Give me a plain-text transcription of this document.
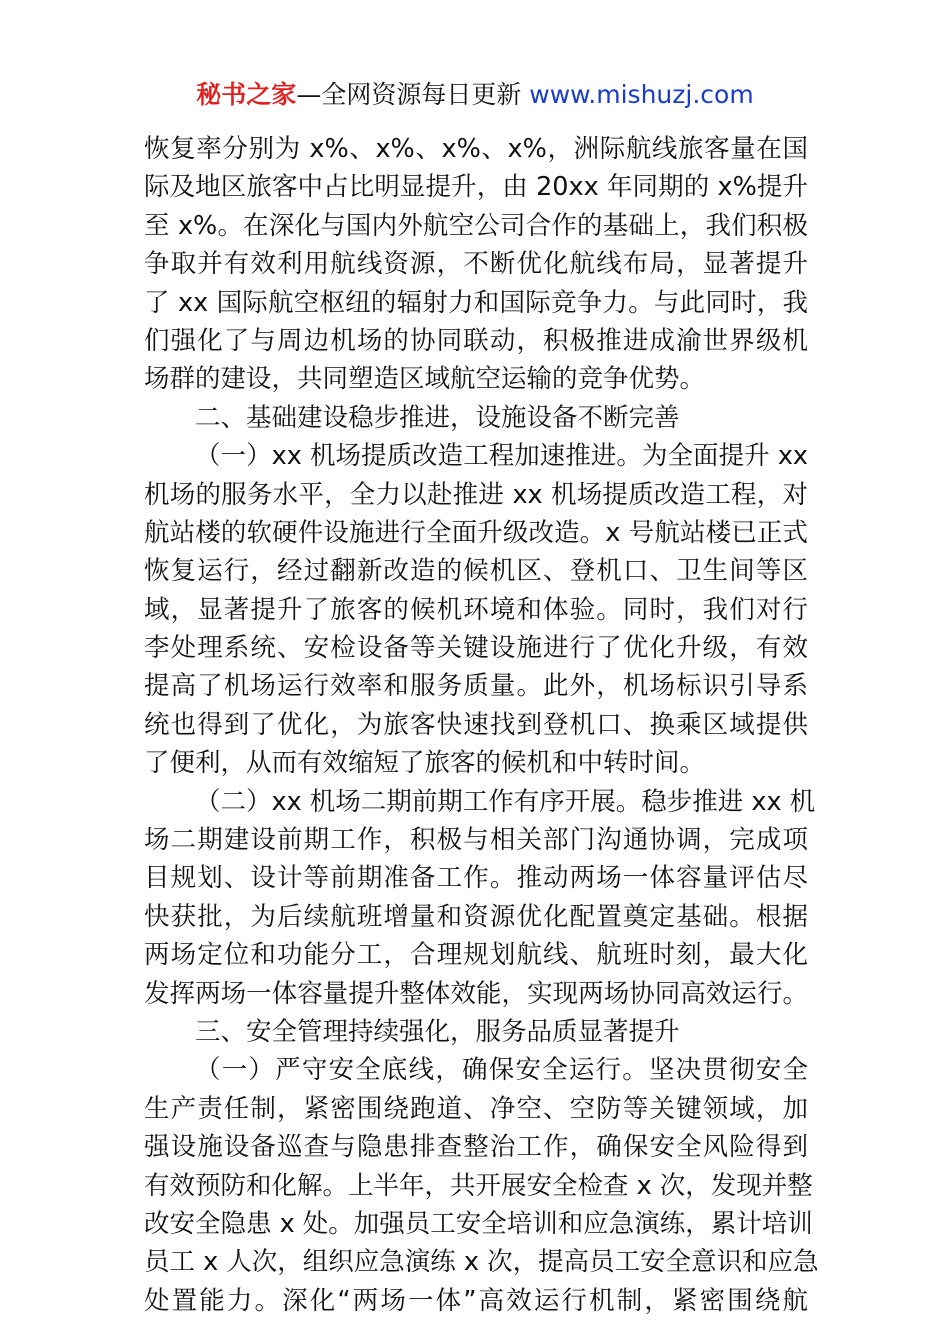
秘书之家—全网资源每日更新 www.mishuzj.com
恢复率分别为 x%、x%、x%、x%，洲际航线旅客量在国
际及地区旅客中占比明显提升，由 20xx 年同期的 x%提升
至 x%。在深化与国内外航空公司合作的基础上，我们积极
争取并有效利用航线资源，不断优化航线布局，显著提升
了 xx 国际航空枢纽的辐射力和国际竞争力。与此同时，我
们强化了与周边机场的协同联动，积极推进成渝世界级机
场群的建设，共同塑造区域航空运输的竞争优势。
二、基础建设稳步推进，设施设备不断完善
（一）xx 机场提质改造工程加速推进。为全面提升 xx
机场的服务水平，全力以赴推进 xx 机场提质改造工程，对
航站楼的软硬件设施进行全面升级改造。x 号航站楼已正式
恢复运行，经过翻新改造的候机区、登机口、卫生间等区
域，显著提升了旅客的候机环境和体验。同时，我们对行
李处理系统、安检设备等关键设施进行了优化升级，有效
提高了机场运行效率和服务质量。此外，机场标识引导系
统也得到了优化，为旅客快速找到登机口、换乘区域提供
了便利，从而有效缩短了旅客的候机和中转时间。
（二）xx 机场二期前期工作有序开展。稳步推进 xx 机
场二期建设前期工作，积极与相关部门沟通协调，完成项
目规划、设计等前期准备工作。推动两场一体容量评估尽
快获批，为后续航班增量和资源优化配置奠定基础。根据
两场定位和功能分工，合理规划航线、航班时刻，最大化
发挥两场一体容量提升整体效能，实现两场协同高效运行。
三、安全管理持续强化，服务品质显著提升
（一）严守安全底线，确保安全运行。坚决贯彻安全
生产责任制，紧密围绕跑道、净空、空防等关键领域，加
强设施设备巡查与隐患排查整治工作，确保安全风险得到
有效预防和化解。上半年，共开展安全检查 x 次，发现并整
改安全隐患 x 处。加强员工安全培训和应急演练，累计培训
员工 x 人次，组织应急演练 x 次，提高员工安全意识和应急
处置能力。深化“两场一体”高效运行机制，紧密围绕航
